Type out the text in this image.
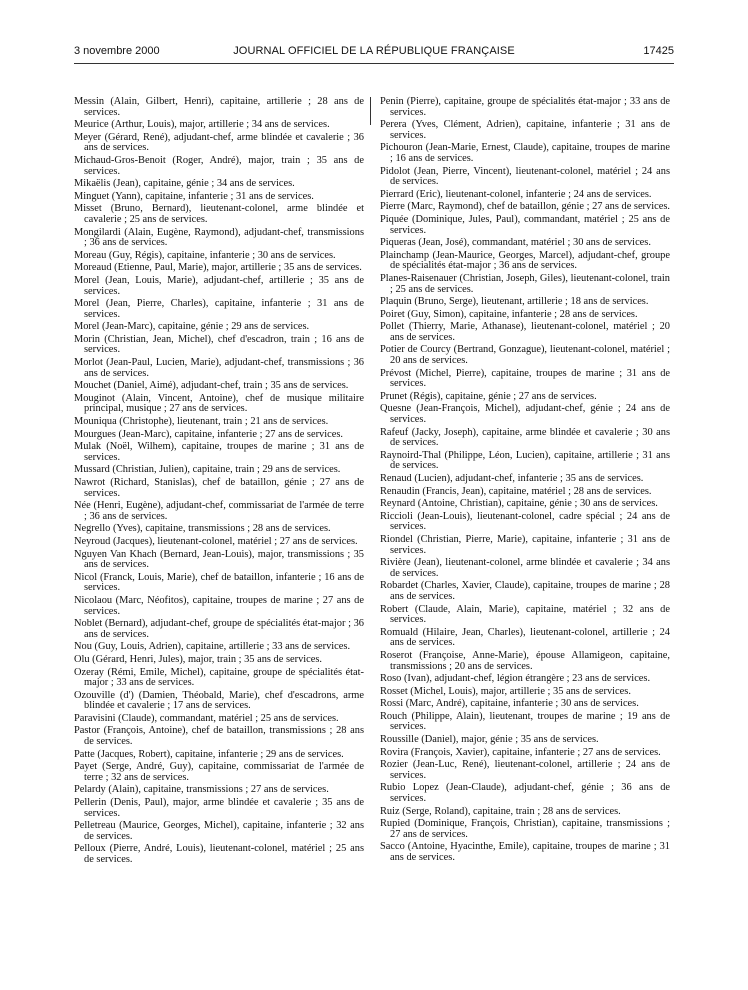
3 novembre 2000	JOURNAL OFFICIEL DE LA RÉPUBLIQUE FRANÇAISE	17425

Messin (Alain, Gilbert, Henri), capitaine, artillerie ; 28 ans de services.

Meurice (Arthur, Louis), major, artillerie ; 34 ans de services.

Meyer (Gérard, René), adjudant-chef, arme blindée et cavalerie ; 36 ans de services.

Michaud-Gros-Benoit (Roger, André), major, train ; 35 ans de services.

Mikaëlis (Jean), capitaine, génie ; 34 ans de services.

Minguet (Yann), capitaine, infanterie ; 31 ans de services.

Misset (Bruno, Bernard), lieutenant-colonel, arme blindée et cavalerie ; 25 ans de services.

Mongilardi (Alain, Eugène, Raymond), adjudant-chef, transmissions ; 36 ans de services.

Moreau (Guy, Régis), capitaine, infanterie ; 30 ans de services.

Moreaud (Etienne, Paul, Marie), major, artillerie ; 35 ans de services.

Morel (Jean, Louis, Marie), adjudant-chef, artillerie ; 35 ans de services.

Morel (Jean, Pierre, Charles), capitaine, infanterie ; 31 ans de services.

Morel (Jean-Marc), capitaine, génie ; 29 ans de services.

Morin (Christian, Jean, Michel), chef d'escadron, train ; 16 ans de services.

Morlot (Jean-Paul, Lucien, Marie), adjudant-chef, transmissions ; 36 ans de services.

Mouchet (Daniel, Aimé), adjudant-chef, train ; 35 ans de services.

Mouginot (Alain, Vincent, Antoine), chef de musique militaire principal, musique ; 27 ans de services.

Mouniqua (Christophe), lieutenant, train ; 21 ans de services.

Mourgues (Jean-Marc), capitaine, infanterie ; 27 ans de services.

Mulak (Noël, Wilhem), capitaine, troupes de marine ; 31 ans de services.

Mussard (Christian, Julien), capitaine, train ; 29 ans de services.

Nawrot (Richard, Stanislas), chef de bataillon, génie ; 27 ans de services.

Née (Henri, Eugène), adjudant-chef, commissariat de l'armée de terre ; 36 ans de services.

Negrello (Yves), capitaine, transmissions ; 28 ans de services.

Neyroud (Jacques), lieutenant-colonel, matériel ; 27 ans de services.

Nguyen Van Khach (Bernard, Jean-Louis), major, transmissions ; 35 ans de services.

Nicol (Franck, Louis, Marie), chef de bataillon, infanterie ; 16 ans de services.

Nicolaou (Marc, Néofitos), capitaine, troupes de marine ; 27 ans de services.

Noblet (Bernard), adjudant-chef, groupe de spécialités état-major ; 36 ans de services.

Nou (Guy, Louis, Adrien), capitaine, artillerie ; 33 ans de services.

Olu (Gérard, Henri, Jules), major, train ; 35 ans de services.

Ozeray (Rémi, Emile, Michel), capitaine, groupe de spécialités état-major ; 33 ans de services.

Ozouville (d') (Damien, Théobald, Marie), chef d'escadrons, arme blindée et cavalerie ; 17 ans de services.

Paravisini (Claude), commandant, matériel ; 25 ans de services.

Pastor (François, Antoine), chef de bataillon, transmissions ; 28 ans de services.

Patte (Jacques, Robert), capitaine, infanterie ; 29 ans de services.

Payet (Serge, André, Guy), capitaine, commissariat de l'armée de terre ; 32 ans de services.

Pelardy (Alain), capitaine, transmissions ; 27 ans de services.

Pellerin (Denis, Paul), major, arme blindée et cavalerie ; 35 ans de services.

Pelletreau (Maurice, Georges, Michel), capitaine, infanterie ; 32 ans de services.

Pelloux (Pierre, André, Louis), lieutenant-colonel, matériel ; 25 ans de services.

Penin (Pierre), capitaine, groupe de spécialités état-major ; 33 ans de services.

Perera (Yves, Clément, Adrien), capitaine, infanterie ; 31 ans de services.

Pichouron (Jean-Marie, Ernest, Claude), capitaine, troupes de marine ; 16 ans de services.

Pidolot (Jean, Pierre, Vincent), lieutenant-colonel, matériel ; 24 ans de services.

Pierrard (Eric), lieutenant-colonel, infanterie ; 24 ans de services.

Pierre (Marc, Raymond), chef de bataillon, génie ; 27 ans de services.

Piquée (Dominique, Jules, Paul), commandant, matériel ; 25 ans de services.

Piqueras (Jean, José), commandant, matériel ; 30 ans de services.

Plainchamp (Jean-Maurice, Georges, Marcel), adjudant-chef, groupe de spécialités état-major ; 36 ans de services.

Planes-Raisenauer (Christian, Joseph, Giles), lieutenant-colonel, train ; 25 ans de services.

Plaquin (Bruno, Serge), lieutenant, artillerie ; 18 ans de services.

Poiret (Guy, Simon), capitaine, infanterie ; 28 ans de services.

Pollet (Thierry, Marie, Athanase), lieutenant-colonel, matériel ; 20 ans de services.

Potier de Courcy (Bertrand, Gonzague), lieutenant-colonel, matériel ; 20 ans de services.

Prévost (Michel, Pierre), capitaine, troupes de marine ; 31 ans de services.

Prunet (Régis), capitaine, génie ; 27 ans de services.

Quesne (Jean-François, Michel), adjudant-chef, génie ; 24 ans de services.

Rafeuf (Jacky, Joseph), capitaine, arme blindée et cavalerie ; 30 ans de services.

Raynoird-Thal (Philippe, Léon, Lucien), capitaine, artillerie ; 31 ans de services.

Renaud (Lucien), adjudant-chef, infanterie ; 35 ans de services.

Renaudin (Francis, Jean), capitaine, matériel ; 28 ans de services.

Reynard (Antoine, Christian), capitaine, génie ; 30 ans de services.

Riccioli (Jean-Louis), lieutenant-colonel, cadre spécial ; 24 ans de services.

Riondel (Christian, Pierre, Marie), capitaine, infanterie ; 31 ans de services.

Rivière (Jean), lieutenant-colonel, arme blindée et cavalerie ; 34 ans de services.

Robardet (Charles, Xavier, Claude), capitaine, troupes de marine ; 28 ans de services.

Robert (Claude, Alain, Marie), capitaine, matériel ; 32 ans de services.

Romuald (Hilaire, Jean, Charles), lieutenant-colonel, artillerie ; 24 ans de services.

Roserot (Françoise, Anne-Marie), épouse Allamigeon, capitaine, transmissions ; 20 ans de services.

Roso (Ivan), adjudant-chef, légion étrangère ; 23 ans de services.

Rosset (Michel, Louis), major, artillerie ; 35 ans de services.

Rossi (Marc, André), capitaine, infanterie ; 30 ans de services.

Rouch (Philippe, Alain), lieutenant, troupes de marine ; 19 ans de services.

Roussille (Daniel), major, génie ; 35 ans de services.

Rovira (François, Xavier), capitaine, infanterie ; 27 ans de services.

Rozier (Jean-Luc, René), lieutenant-colonel, artillerie ; 24 ans de services.

Rubio Lopez (Jean-Claude), adjudant-chef, génie ; 36 ans de services.

Ruiz (Serge, Roland), capitaine, train ; 28 ans de services.

Rupied (Dominique, François, Christian), capitaine, transmissions ; 27 ans de services.

Sacco (Antoine, Hyacinthe, Emile), capitaine, troupes de marine ; 31 ans de services.
